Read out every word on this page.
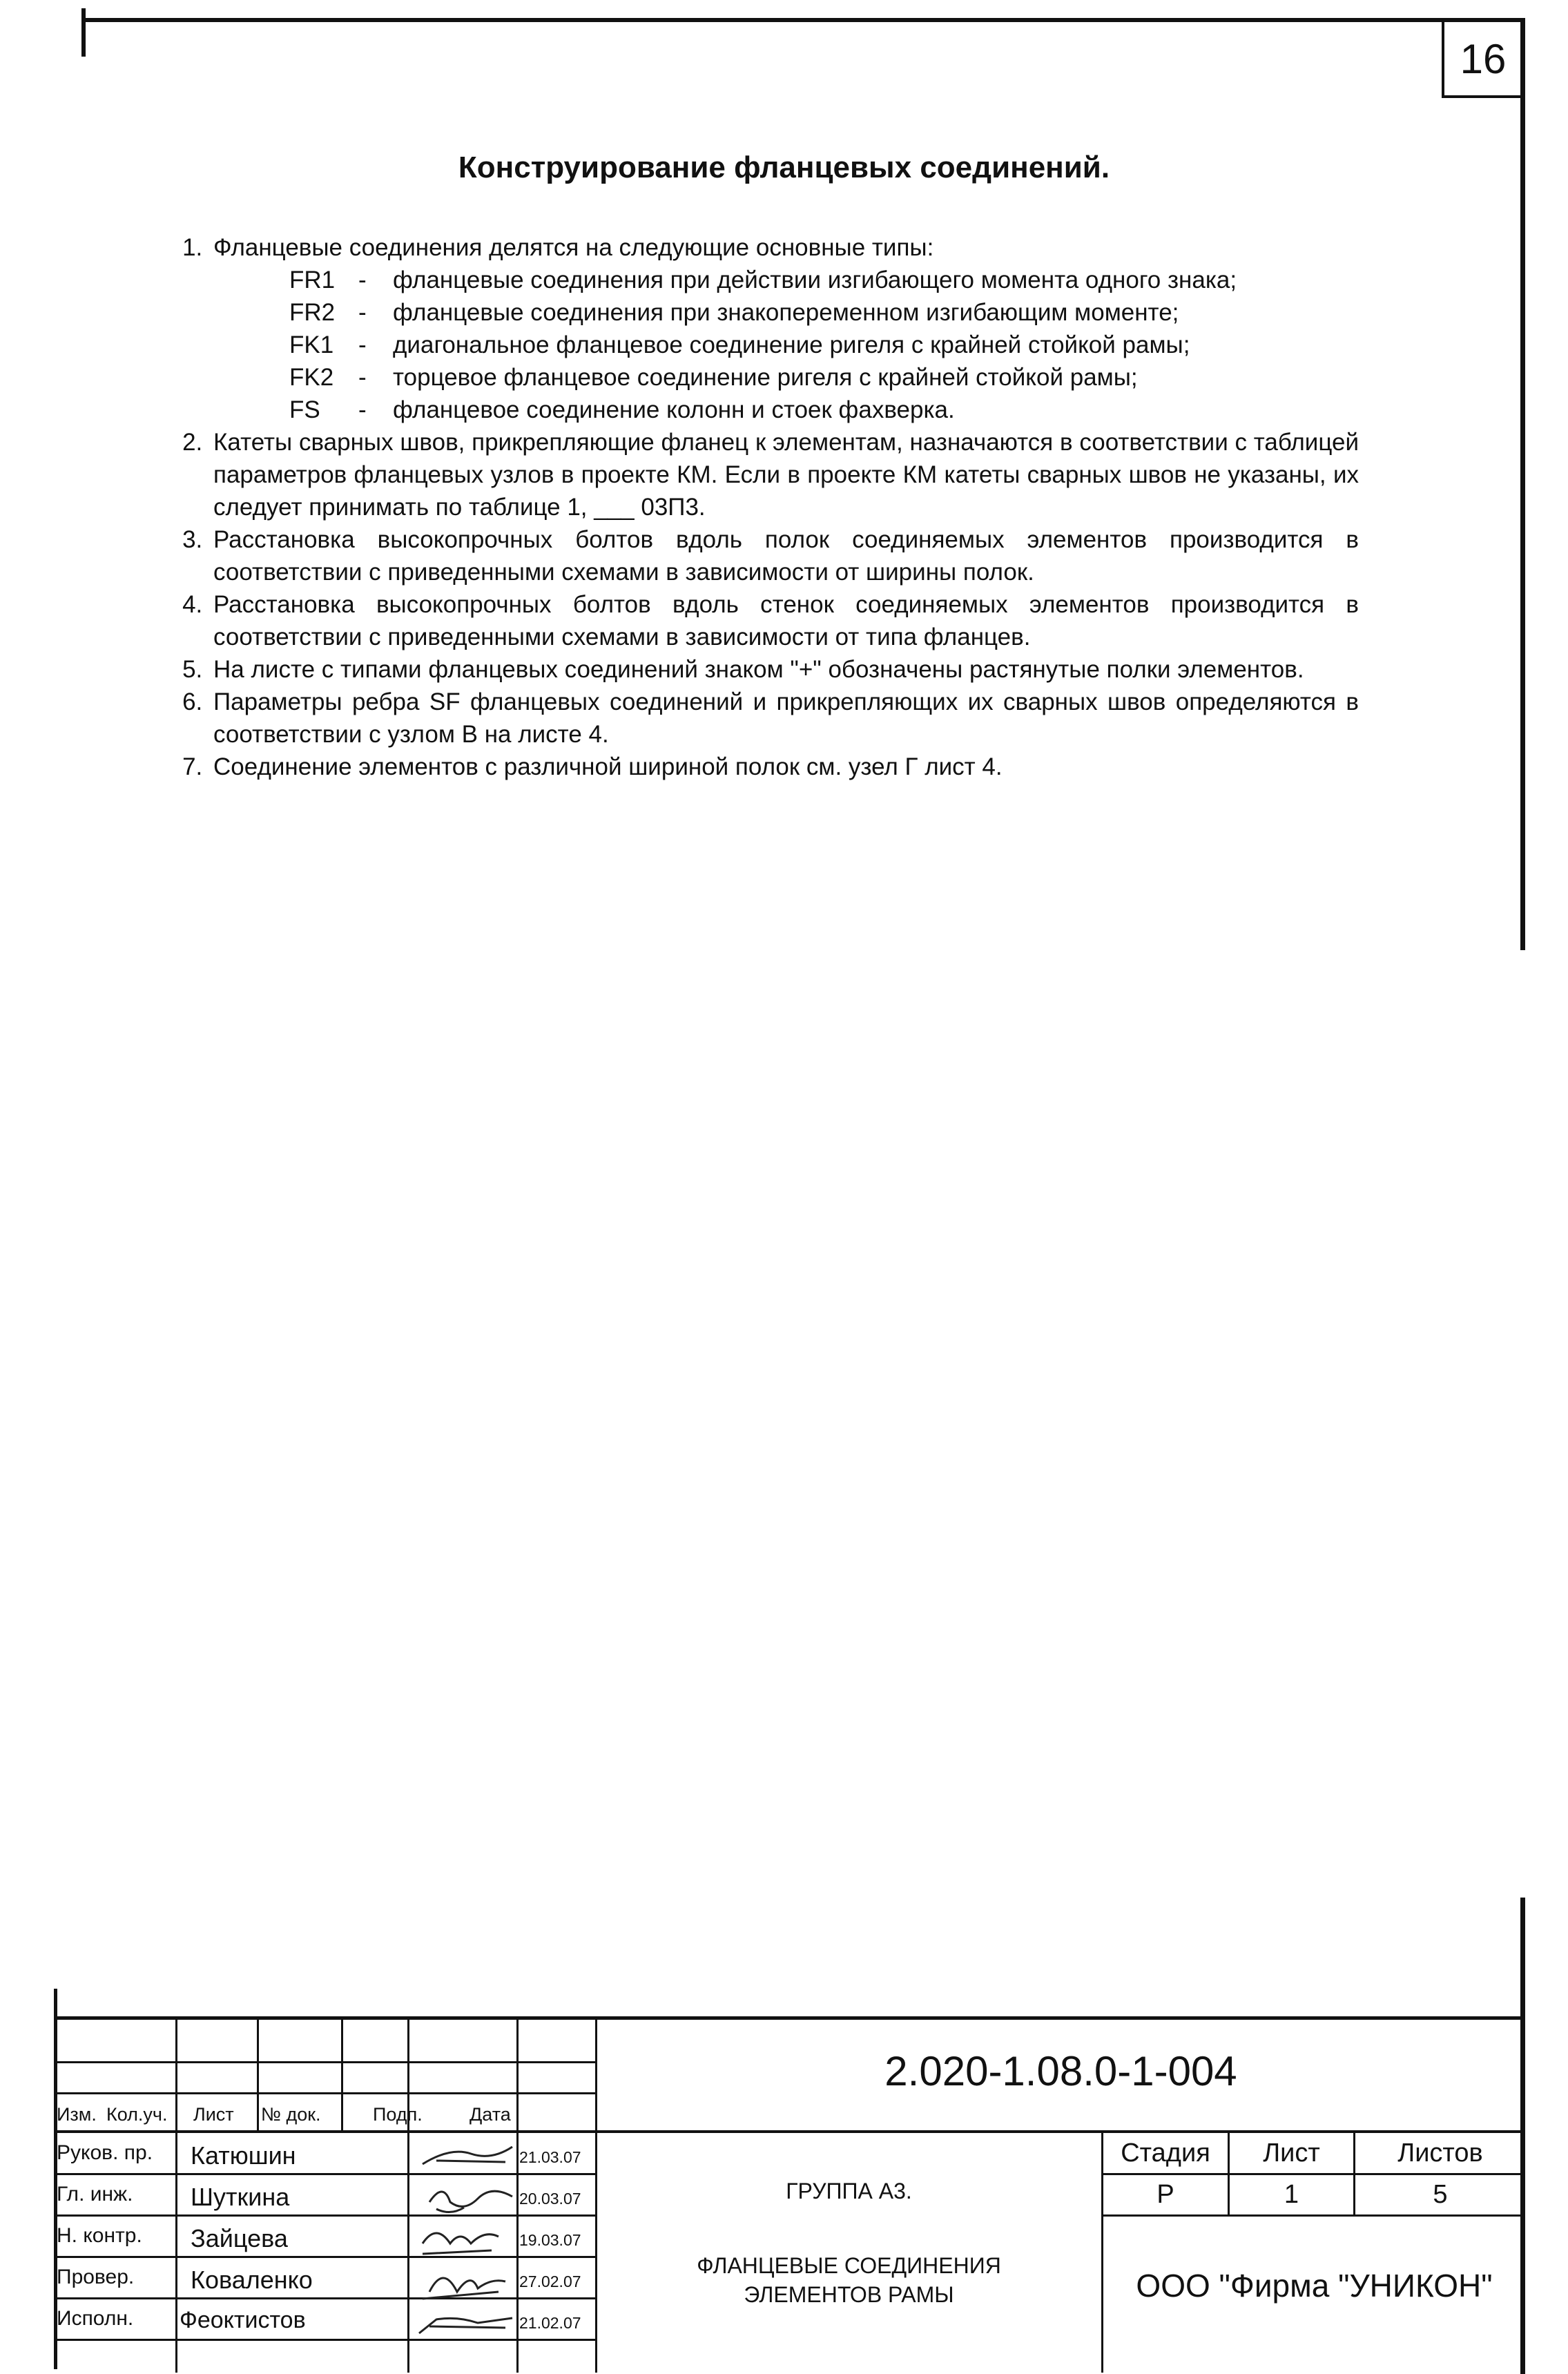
16
Конструирование фланцевых соединений.
1. Фланцевые соединения делятся на следующие основные типы:
FR1 -	фланцевые соединения при действии изгибающего момента одного знака;
FR2 -	фланцевые соединения при знакопеременном изгибающим моменте;
FK1	-	диагональное фланцевое соединение ригеля с крайней стойкой рамы;
FK2	-	торцевое фланцевое соединение ригеля с крайней стойкой рамы;
FS	-	фланцевое соединение колонн и стоек фахверка.
2. Катеты сварных швов, прикрепляющие фланец к элементам, назначаются в соответствии с таблицей параметров фланцевых узлов в проекте КМ. Если в проекте КМ катеты сварных швов не указаны, их следует принимать по таблице 1, ___ 03П3.
3. Расстановка высокопрочных болтов вдоль полок соединяемых элементов производится в соответствии с приведенными схемами в зависимости от ширины полок.
4. Расстановка высокопрочных болтов вдоль стенок соединяемых элементов производится в соответствии с приведенными схемами в зависимости от типа фланцев.
5. На листе с типами фланцевых соединений знаком "+" обозначены растянутые полки элементов.
6. Параметры ребра SF фланцевых соединений и прикрепляющих их сварных швов определяются в соответствии с узлом В на листе 4.
7. Соединение элементов с различной шириной полок см. узел Г лист 4.
Изм. Кол.уч. Лист № док.	Подп.	Дата
Руков. пр. Катюшин	21.03.07
Гл. инж. Шуткина	20.03.07
Н. контр. Зайцева	19.03.07
Провер. Коваленко	27.02.07
Исполн. Феоктистов	21.02.07
2.020-1.08.0-1-004
ГРУППА А3.
ФЛАНЦЕВЫЕ СОЕДИНЕНИЯ
ЭЛЕМЕНТОВ РАМЫ
Стадия	Лист	Листов
Р	1	5
ООО "Фирма "УНИКОН"
